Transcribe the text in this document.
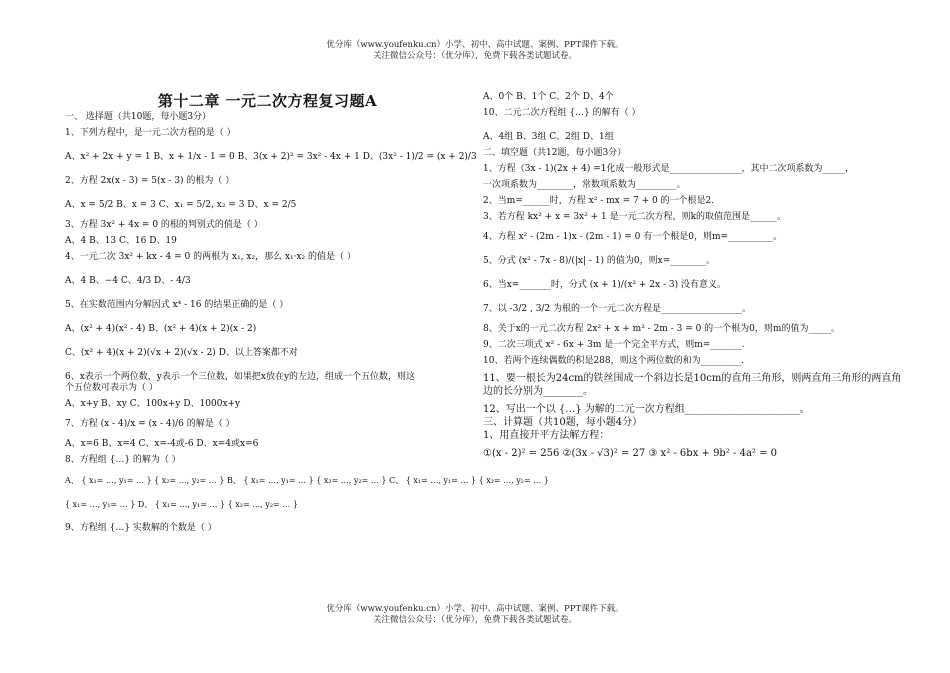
优分库（www.youfenku.cn）小学、初中、高中试题、案例、PPT课件下载。
关注微信公众号：（优分库），免费下载各类试题试卷。

第十二章 一元二次方程复习题A

一、 选择题（共10题，每小题3分）

1、下列方程中，是一元二次方程的是（ ）

A、x² + 2x + y = 1 B、x + 1/x - 1 = 0 B、3(x + 2)² = 3x² - 4x + 1 D、(3x² - 1)/2 = (x + 2)/3

2、方程 2x(x - 3) = 5(x - 3) 的根为（ ）

A、x = 5/2 B、x = 3 C、x₁ = 5/2, x₂ = 3 D、x = 2/5

3、方程 3x² + 4x = 0 的根的判别式的值是（ ）

A、4 B、13 C、16 D、19

4、一元二次 3x² + kx - 4 = 0 的两根为 x₁, x₂，那么 x₁·x₂ 的值是（ ）

A、4 B、−4 C、4/3 D、- 4/3

5、在实数范围内分解因式 x⁴ - 16 的结果正确的是（ ）

A、(x² + 4)(x² - 4) B、(x² + 4)(x + 2)(x - 2)

C、(x² + 4)(x + 2)(√x + 2)(√x - 2) D、以上答案都不对

6、x表示一个两位数，y表示一个三位数，如果把x放在y的左边，组成一个五位数，则这

个五位数可表示为（ ）

A、x+y B、xy C、100x+y D、1000x+y

7、方程 (x - 4)/x = (x - 4)/6 的解是（ ）

A、x=6 B、x=4 C、x=-4或-6 D、x=4或x=6

8、方程组 {…} 的解为（ ）

A、 { x₁= …, y₁= … } { x₂= …, y₂= … } B、 { x₁= …, y₁= … } { x₂= …, y₂= … } C、 { x₁= …, y₁= … } { x₂= …, y₂= … }

{ x₁= …, y₁= … } D、 { x₁= …, y₁= … } { x₂= …, y₂= … }

9、方程组 {…} 实数解的个数是（ ）

A、0个 B、1个 C、2个 D、4个

10、二元二次方程组 {…} 的解有（ ）

A、4组 B、3组 C、2组 D、1组

二、填空题（共12题，每小题3分）

1、方程（3x - 1)(2x + 4) =1化成一般形式是________________，其中二次项系数为_____，

一次项系数为________，常数项系数为_________。

2、当m=______时，方程 x² - mx = 7 + 0 的一个根是2．

3、若方程 kx² + x = 3x² + 1 是一元二次方程，则k的取值范围是______。

4、方程 x² - (2m - 1)x - (2m - 1) = 0 有一个根是0，则m=__________。

5、分式 (x² - 7x - 8)/(|x| - 1) 的值为0，则x=________。

6、当x=_______时，分式 (x + 1)/(x² + 2x - 3) 没有意义。

7、以 -3/2 , 3/2 为根的一个一元二次方程是__________________。

8、关于x的一元二次方程 2x² + x + m² - 2m - 3 = 0 的一个根为0，则m的值为_____。

9、二次三项式 x² - 6x + 3m 是一个完全平方式，则m=_______.

10、若两个连续偶数的积是288，则这个两位数的和为_________.

11、要一根长为24cm的铁丝围成一个斜边长是10cm的直角三角形，则两直角三角形的两直角

边的长分别为________。

12、写出一个以 {…} 为解的二元一次方程组_______________________。

三、计算题（共10题，每小题4分）

1、用直接开平方法解方程：

①(x - 2)² = 256 ②(3x - √3)² = 27 ③ x² - 6bx + 9b² - 4a² = 0

优分库（www.youfenku.cn）小学、初中、高中试题、案例、PPT课件下载。
关注微信公众号：（优分库），免费下载各类试题试卷。
